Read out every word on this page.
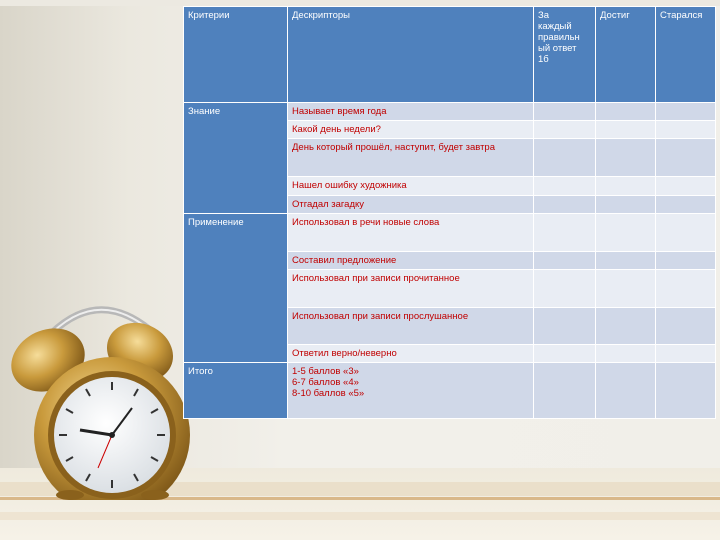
Критерии	Дескрипторы	За
каждый
правильн
ый ответ
1б	Достиг	Старался
Знание	Называет время года			
	Какой день недели?			
	День который прошёл, наступит, будет завтра			
	Нашел ошибку художника			
	Отгадал загадку			
Применение	Использовал в речи новые слова			
	Составил предложение			
	Использовал при записи прочитанное			
	Использовал при записи прослушанное			
	Ответил верно/неверно			
Итого	1-5 баллов «3»
6-7 баллов «4»
8-10 баллов «5»			
